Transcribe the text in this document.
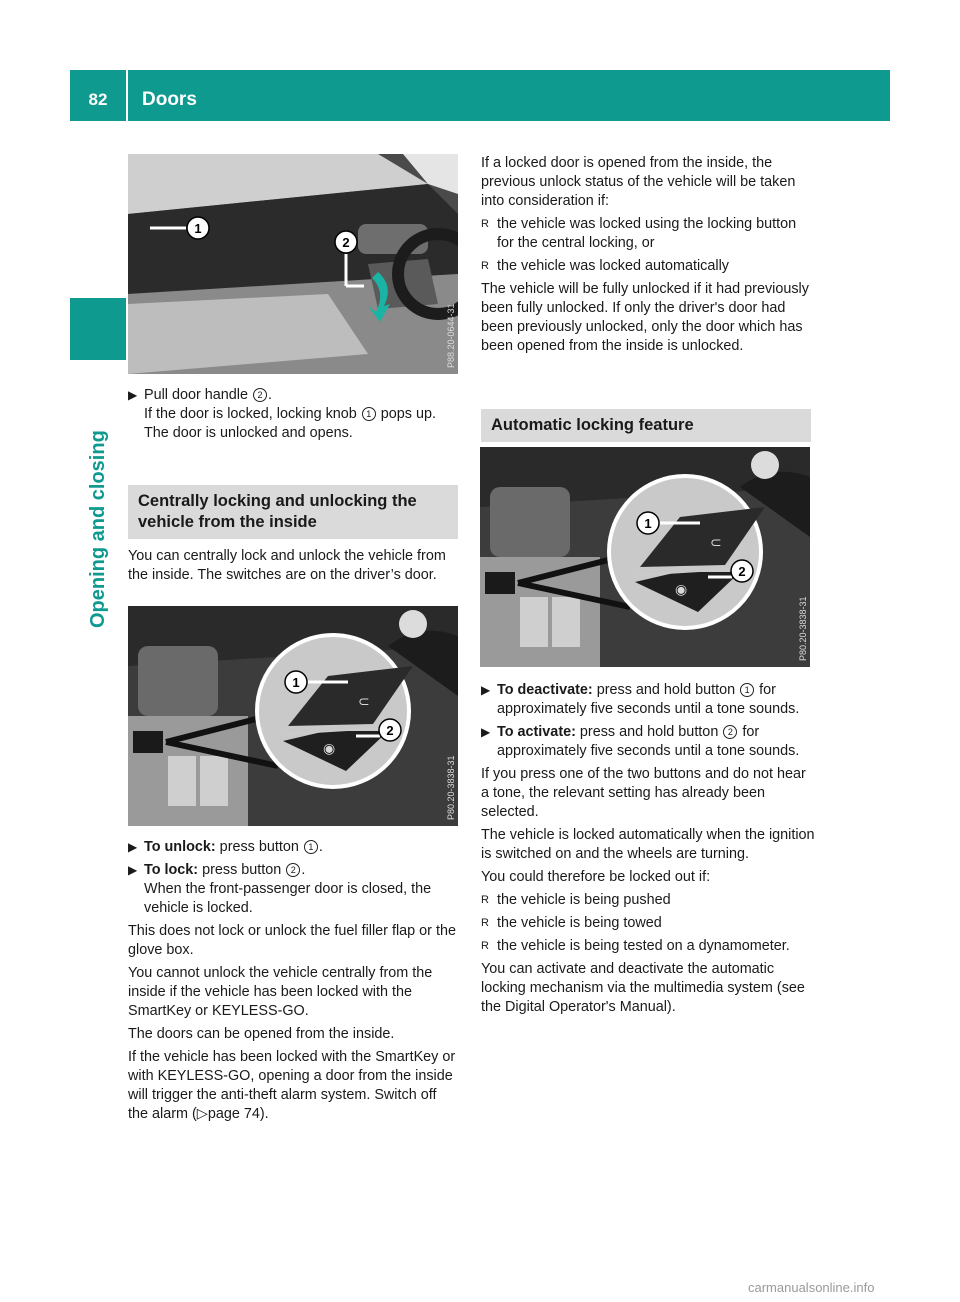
82	Doors
Opening and closing
1
2
P88.20-0644-31
⊂
◉
1
2
P80.20-3838-31
⊂
◉
1
2
P80.20-3838-31
▶ Pull door handle 2 .
If the door is locked, locking knob 1 pops up.
The door is unlocked and opens.
Centrally locking and unlocking the vehicle from the inside

You can centrally lock and unlock the vehicle from the inside. The switches are on the driver’s door.

▶ To unlock: press button 1 .
▶ To lock: press button 2 .
When the front-passenger door is closed, the vehicle is locked.

This does not lock or unlock the fuel filler flap or the glove box.

You cannot unlock the vehicle centrally from the inside if the vehicle has been locked with the SmartKey or KEYLESS-GO.

The doors can be opened from the inside.

If the vehicle has been locked with the SmartKey or with KEYLESS-GO, opening a door from the inside will trigger the anti-theft alarm system. Switch off the alarm (▷page 74).

If a locked door is opened from the inside, the previous unlock status of the vehicle will be taken into consideration if:

R the vehicle was locked using the locking button for the central locking, or
R the vehicle was locked automatically

The vehicle will be fully unlocked if it had previously been fully unlocked. If only the driver's door had been previously unlocked, only the door which has been opened from the inside is unlocked.

Automatic locking feature
▶ To deactivate: press and hold button 1 for approximately five seconds until a tone sounds.
▶ To activate: press and hold button 2 for approximately five seconds until a tone sounds.

If you press one of the two buttons and do not hear a tone, the relevant setting has already been selected.

The vehicle is locked automatically when the ignition is switched on and the wheels are turning.

You could therefore be locked out if:

R the vehicle is being pushed
R the vehicle is being towed
R the vehicle is being tested on a dynamometer.

You can activate and deactivate the automatic locking mechanism via the multimedia system (see the Digital Operator's Manual).

carmanualsonline.info
